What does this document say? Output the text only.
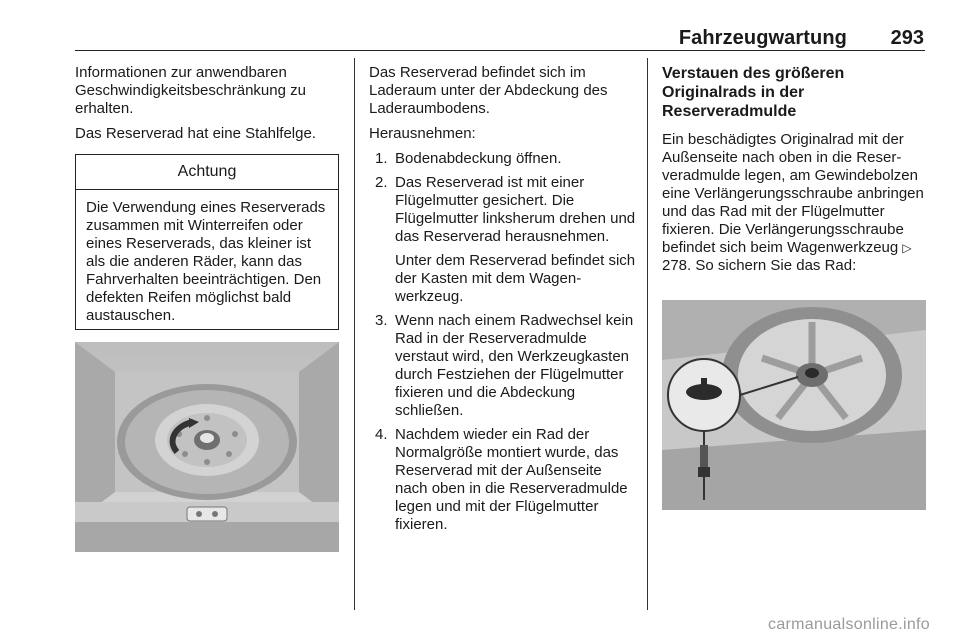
Fahrzeugwartung 293

Informationen zur anwendbaren Geschwindigkeitsbeschränkung zu erhalten.

Das Reserverad hat eine Stahlfelge.

Achtung
Die Verwendung eines Reserverads zusammen mit Winterreifen oder eines Reserverads, das kleiner ist als die anderen Räder, kann das Fahrverhalten beeinträchtigen. Den defekten Reifen möglichst bald austauschen.

Das Reserverad befindet sich im Laderaum unter der Abdeckung des Laderaumbodens.

Herausnehmen:

1. Bodenabdeckung öffnen.

2. Das Reserverad ist mit einer Flügelmutter gesichert. Die Flügelmutter linksherum drehen und das Reserverad herausnehmen.

Unter dem Reserverad befindet sich der Kasten mit dem Wagenwerkzeug.

3. Wenn nach einem Radwechsel kein Rad in der Reserveradmulde verstaut wird, den Werkzeugkasten durch Festziehen der Flügelmutter fixieren und die Abdeckung schließen.

4. Nachdem wieder ein Rad der Normalgröße montiert wurde, das Reserverad mit der Außenseite nach oben in die Reserveradmulde legen und mit der Flügelmutter fixieren.

Verstauen des größeren Originalrads in der Reserveradmulde

Ein beschädigtes Originalrad mit der Außenseite nach oben in die Reserveradmulde legen, am Gewindebolzen eine Verlängerungsschraube anbringen und das Rad mit der Flügelmutter fixieren. Die Verlängerungsschraube befindet sich beim Wagenwerkzeug ▷ 278. So sichern Sie das Rad:

carmanualsonline.info
